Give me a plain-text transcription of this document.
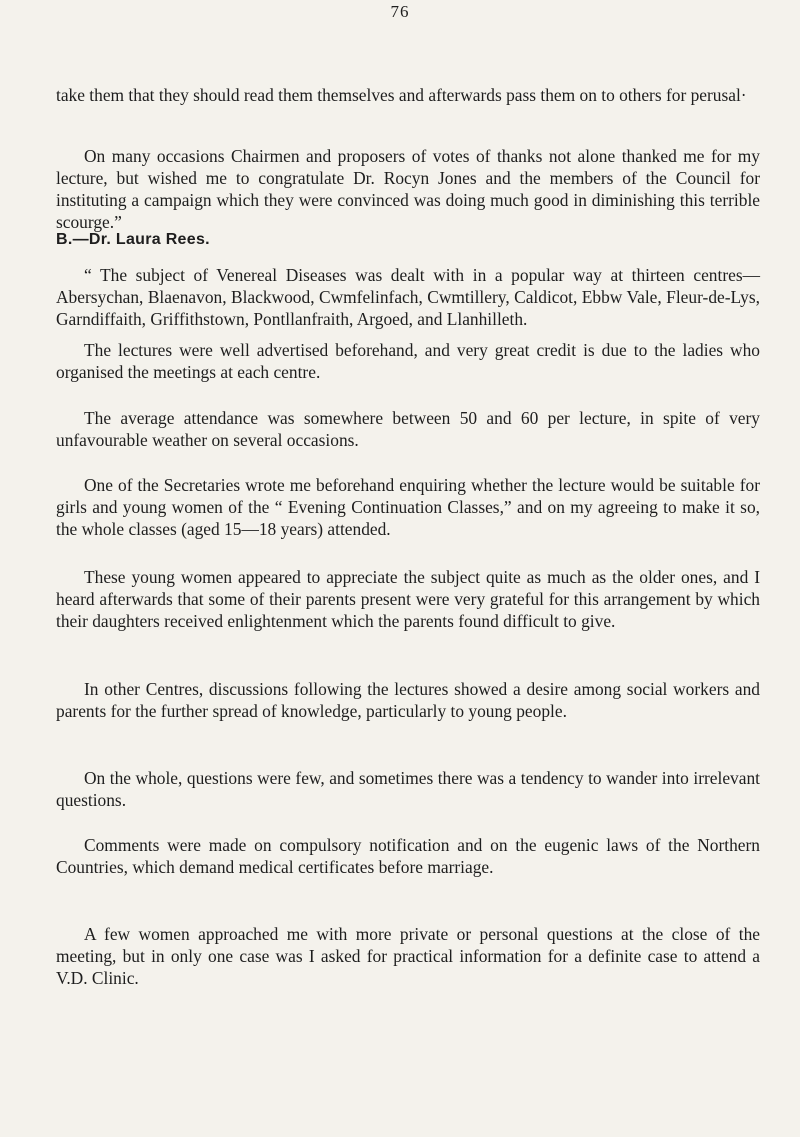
76

take them that they should read them themselves and afterwards pass them on to others for perusal·

On many occasions Chairmen and proposers of votes of thanks not alone thanked me for my lecture, but wished me to congratulate Dr. Rocyn Jones and the members of the Council for instituting a campaign which they were convinced was doing much good in diminishing this terrible scourge.”

B.—Dr. Laura Rees.

“ The subject of Venereal Diseases was dealt with in a popular way at thirteen centres—Abersychan, Blaenavon, Blackwood, Cwmfelinfach, Cwmtillery, Caldicot, Ebbw Vale, Fleur-de-Lys, Garndiffaith, Griffithstown, Pontllanfraith, Argoed, and Llanhilleth.

The lectures were well advertised beforehand, and very great credit is due to the ladies who organised the meetings at each centre.

The average attendance was somewhere between 50 and 60 per lecture, in spite of very unfavourable weather on several occasions.

One of the Secretaries wrote me beforehand enquiring whether the lecture would be suitable for girls and young women of the “ Evening Continuation Classes,” and on my agreeing to make it so, the whole classes (aged 15—18 years) attended.

These young women appeared to appreciate the subject quite as much as the older ones, and I heard afterwards that some of their parents present were very grateful for this arrangement by which their daughters received enlightenment which the parents found difficult to give.

In other Centres, discussions following the lectures showed a desire among social workers and parents for the further spread of knowledge, particularly to young people.

On the whole, questions were few, and sometimes there was a tendency to wander into irrelevant questions.

Comments were made on compulsory notification and on the eugenic laws of the Northern Countries, which demand medical certificates before marriage.

A few women approached me with more private or personal questions at the close of the meeting, but in only one case was I asked for practical information for a definite case to attend a V.D. Clinic.
